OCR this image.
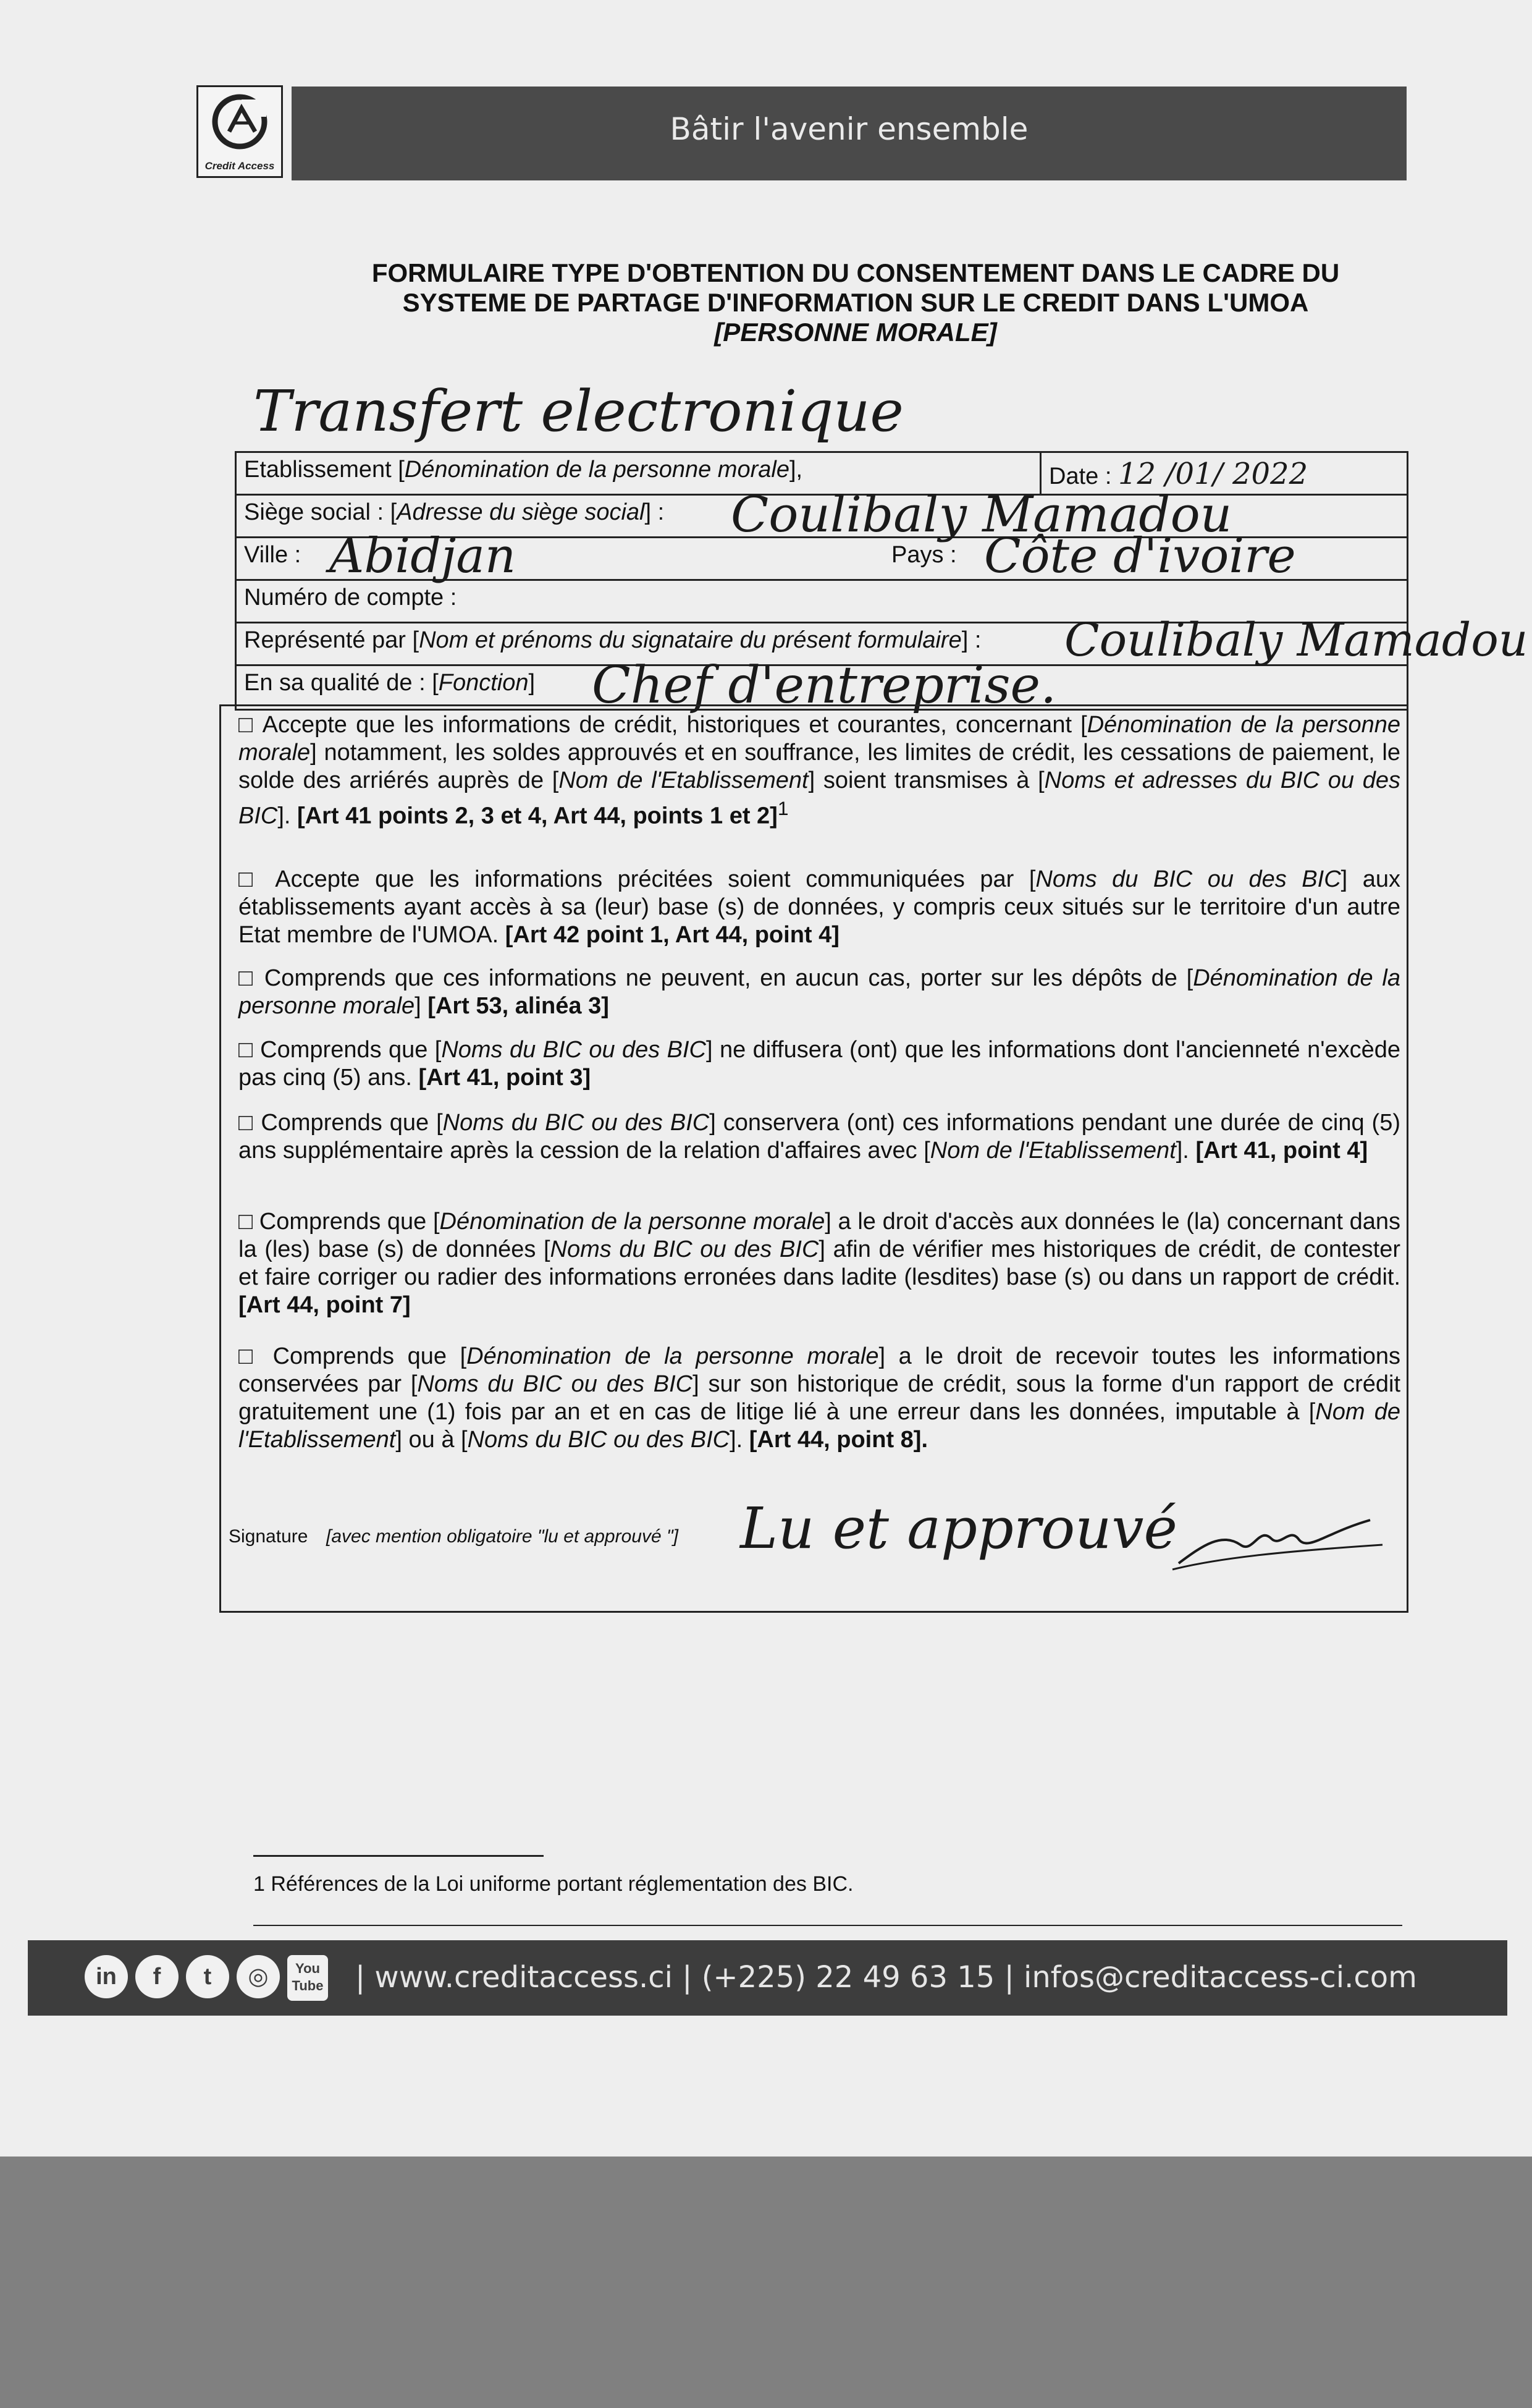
Credit Access
Bâtir l'avenir ensemble
FORMULAIRE TYPE D'OBTENTION DU CONSENTEMENT DANS LE CADRE DU
SYSTEME DE PARTAGE D'INFORMATION SUR LE CREDIT DANS L'UMOA
[PERSONNE MORALE]
Transfert electronique
Etablissement [Dénomination de la personne morale],	Date : 12 /01/ 2022
Siège social : [Adresse du siège social] : Coulibaly Mamadou
Ville : Abidjan	Pays : Côte d'ivoire
Numéro de compte :
Représenté par [Nom et prénoms du signataire du présent formulaire] : Coulibaly Mamadou
En sa qualité de : [Fonction] Chef d'entreprise.
□ Accepte que les informations de crédit, historiques et courantes, concernant [Dénomination de la personne morale] notamment, les soldes approuvés et en souffrance, les limites de crédit, les cessations de paiement, le solde des arriérés auprès de [Nom de l'Etablissement] soient transmises à [Noms et adresses du BIC ou des BIC]. [Art 41 points 2, 3 et 4, Art 44, points 1 et 2]$^1$
□ Accepte que les informations précitées soient communiquées par [Noms du BIC ou des BIC] aux établissements ayant accès à sa (leur) base (s) de données, y compris ceux situés sur le territoire d'un autre Etat membre de l'UMOA. [Art 42 point 1, Art 44, point 4]
□ Comprends que ces informations ne peuvent, en aucun cas, porter sur les dépôts de [Dénomination de la personne morale] [Art 53, alinéa 3]
□ Comprends que [Noms du BIC ou des BIC] ne diffusera (ont) que les informations dont l'ancienneté n'excède pas cinq (5) ans. [Art 41, point 3]
□ Comprends que [Noms du BIC ou des BIC] conservera (ont) ces informations pendant une durée de cinq (5) ans supplémentaire après la cession de la relation d'affaires avec [Nom de l'Etablissement]. [Art 41, point 4]
□ Comprends que [Dénomination de la personne morale] a le droit d'accès aux données le (la) concernant dans la (les) base (s) de données [Noms du BIC ou des BIC] afin de vérifier mes historiques de crédit, de contester et faire corriger ou radier des informations erronées dans ladite (lesdites) base (s) ou dans un rapport de crédit. [Art 44, point 7]
□ Comprends que [Dénomination de la personne morale] a le droit de recevoir toutes les informations conservées par [Noms du BIC ou des BIC] sur son historique de crédit, sous la forme d'un rapport de crédit gratuitement une (1) fois par an et en cas de litige lié à une erreur dans les données, imputable à [Nom de l'Etablissement] ou à [Noms du BIC ou des BIC]. [Art 44, point 8].
Signature [avec mention obligatoire "lu et approuvé "] Lu et approuvé
1 Références de la Loi uniforme portant réglementation des BIC.
in	f	t	◎	You
Tube | www.creditaccess.ci | (+225) 22 49 63 15 | infos@creditaccess-ci.com
